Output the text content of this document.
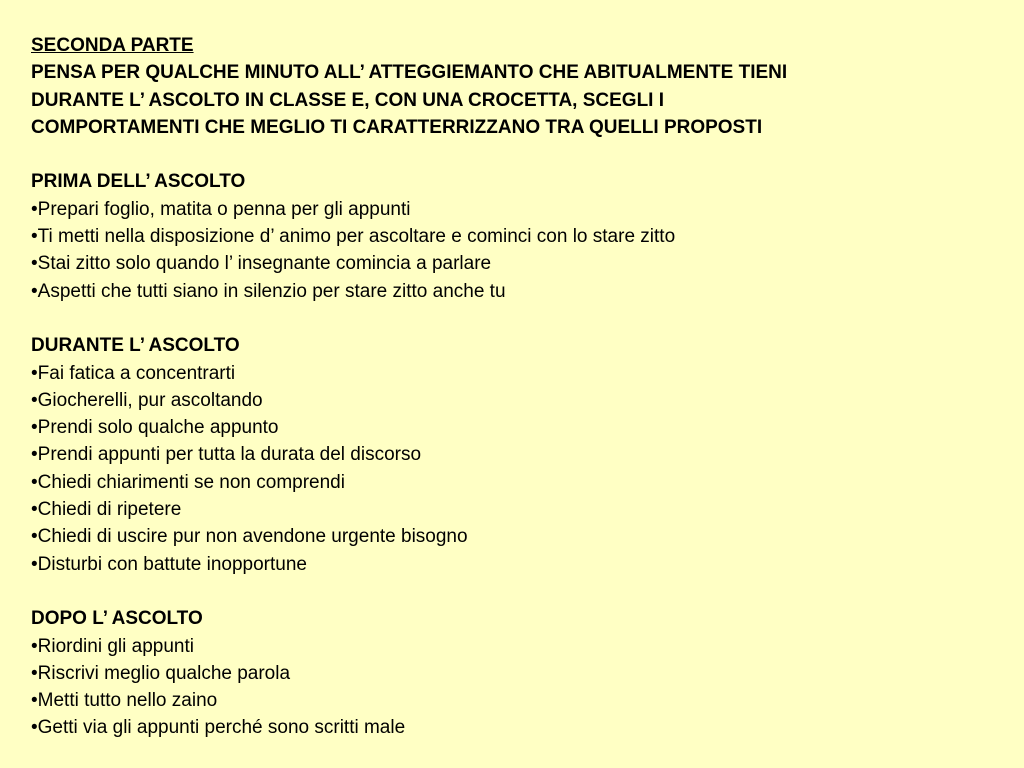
SECONDA PARTE
PENSA PER QUALCHE MINUTO ALL’ ATTEGGIEMANTO CHE ABITUALMENTE TIENI
DURANTE L’ ASCOLTO IN CLASSE E, CON UNA CROCETTA, SCEGLI I
COMPORTAMENTI CHE MEGLIO TI CARATTERRIZZANO TRA QUELLI PROPOSTI
PRIMA DELL’ ASCOLTO
•Prepari foglio, matita o penna per gli appunti
•Ti metti nella disposizione d’ animo per ascoltare e cominci con lo stare zitto
•Stai zitto solo quando l’ insegnante comincia a parlare
•Aspetti che tutti siano in silenzio per stare zitto anche tu
DURANTE L’ ASCOLTO
•Fai fatica a concentrarti
•Giocherelli, pur ascoltando
•Prendi solo qualche appunto
•Prendi appunti per tutta la durata del discorso
•Chiedi chiarimenti se non comprendi
•Chiedi di ripetere
•Chiedi di uscire pur non avendone urgente bisogno
•Disturbi con battute inopportune
DOPO L’ ASCOLTO
•Riordini gli appunti
•Riscrivi meglio qualche parola
•Metti tutto nello zaino
•Getti via gli appunti perché sono scritti male
